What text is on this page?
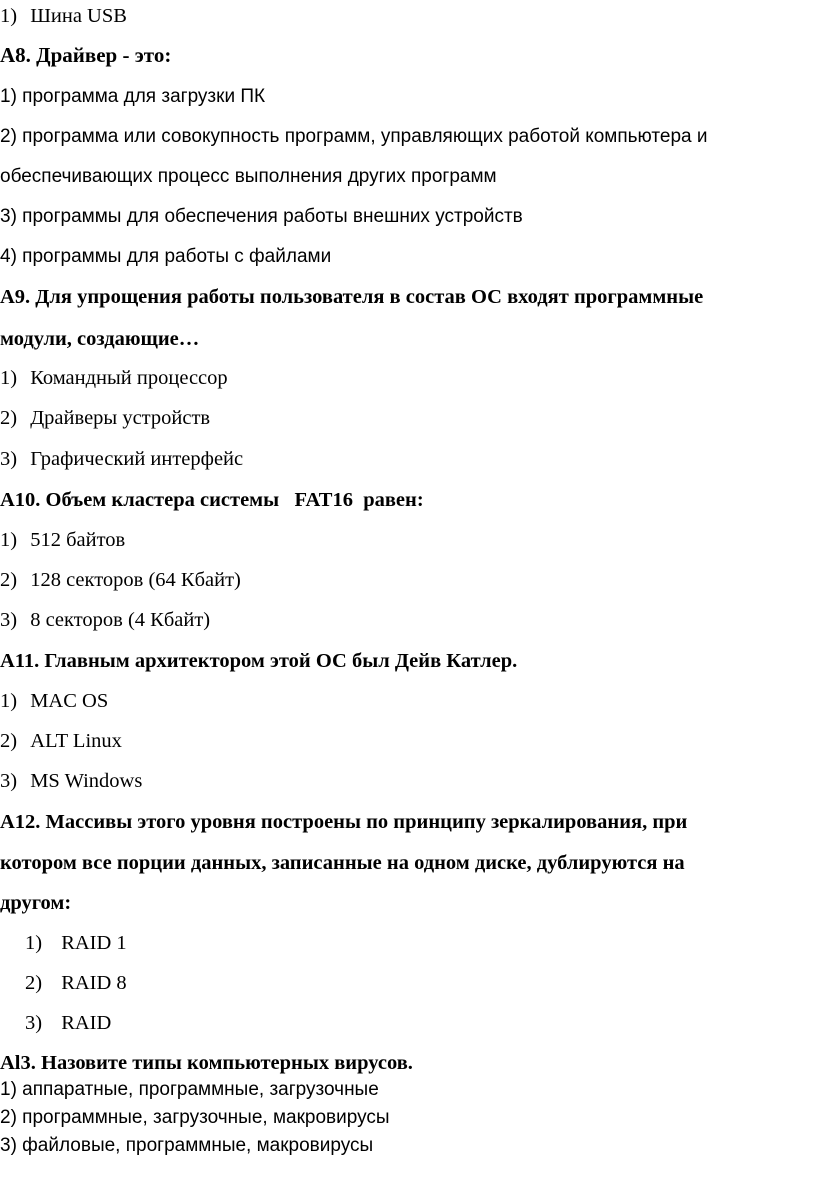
1) Шина USB
А8. Драйвер - это:
1) программа для загрузки ПК
2) программа или совокупность программ, управляющих работой компьютера и
обеспечивающих процесс выполнения других программ
3) программы для обеспечения работы внешних устройств
4) программы для работы с файлами
А9. Для упрощения работы пользователя в состав ОС входят программные
модули, создающие…
1) Командный процессор
2) Драйверы устройств
3) Графический интерфейс
А10. Объем кластера системы   FAT16  равен:
1) 512 байтов
2) 128 секторов (64 Кбайт)
3) 8 секторов (4 Кбайт)
А11. Главным архитектором этой ОС был Дейв Катлер.
1) MAC OS
2) ALT Linux
3) MS Windows
А12. Массивы этого уровня построены по принципу зеркалирования, при
котором все порции данных, записанные на одном диске, дублируются на
другом:
1) RAID 1
2) RAID 8
3) RAID
Al3. Назовите типы компьютерных вирусов.
1) аппаратные, программные, загрузочные
2) программные, загрузочные, макровирусы
3) файловые, программные, макровирусы
